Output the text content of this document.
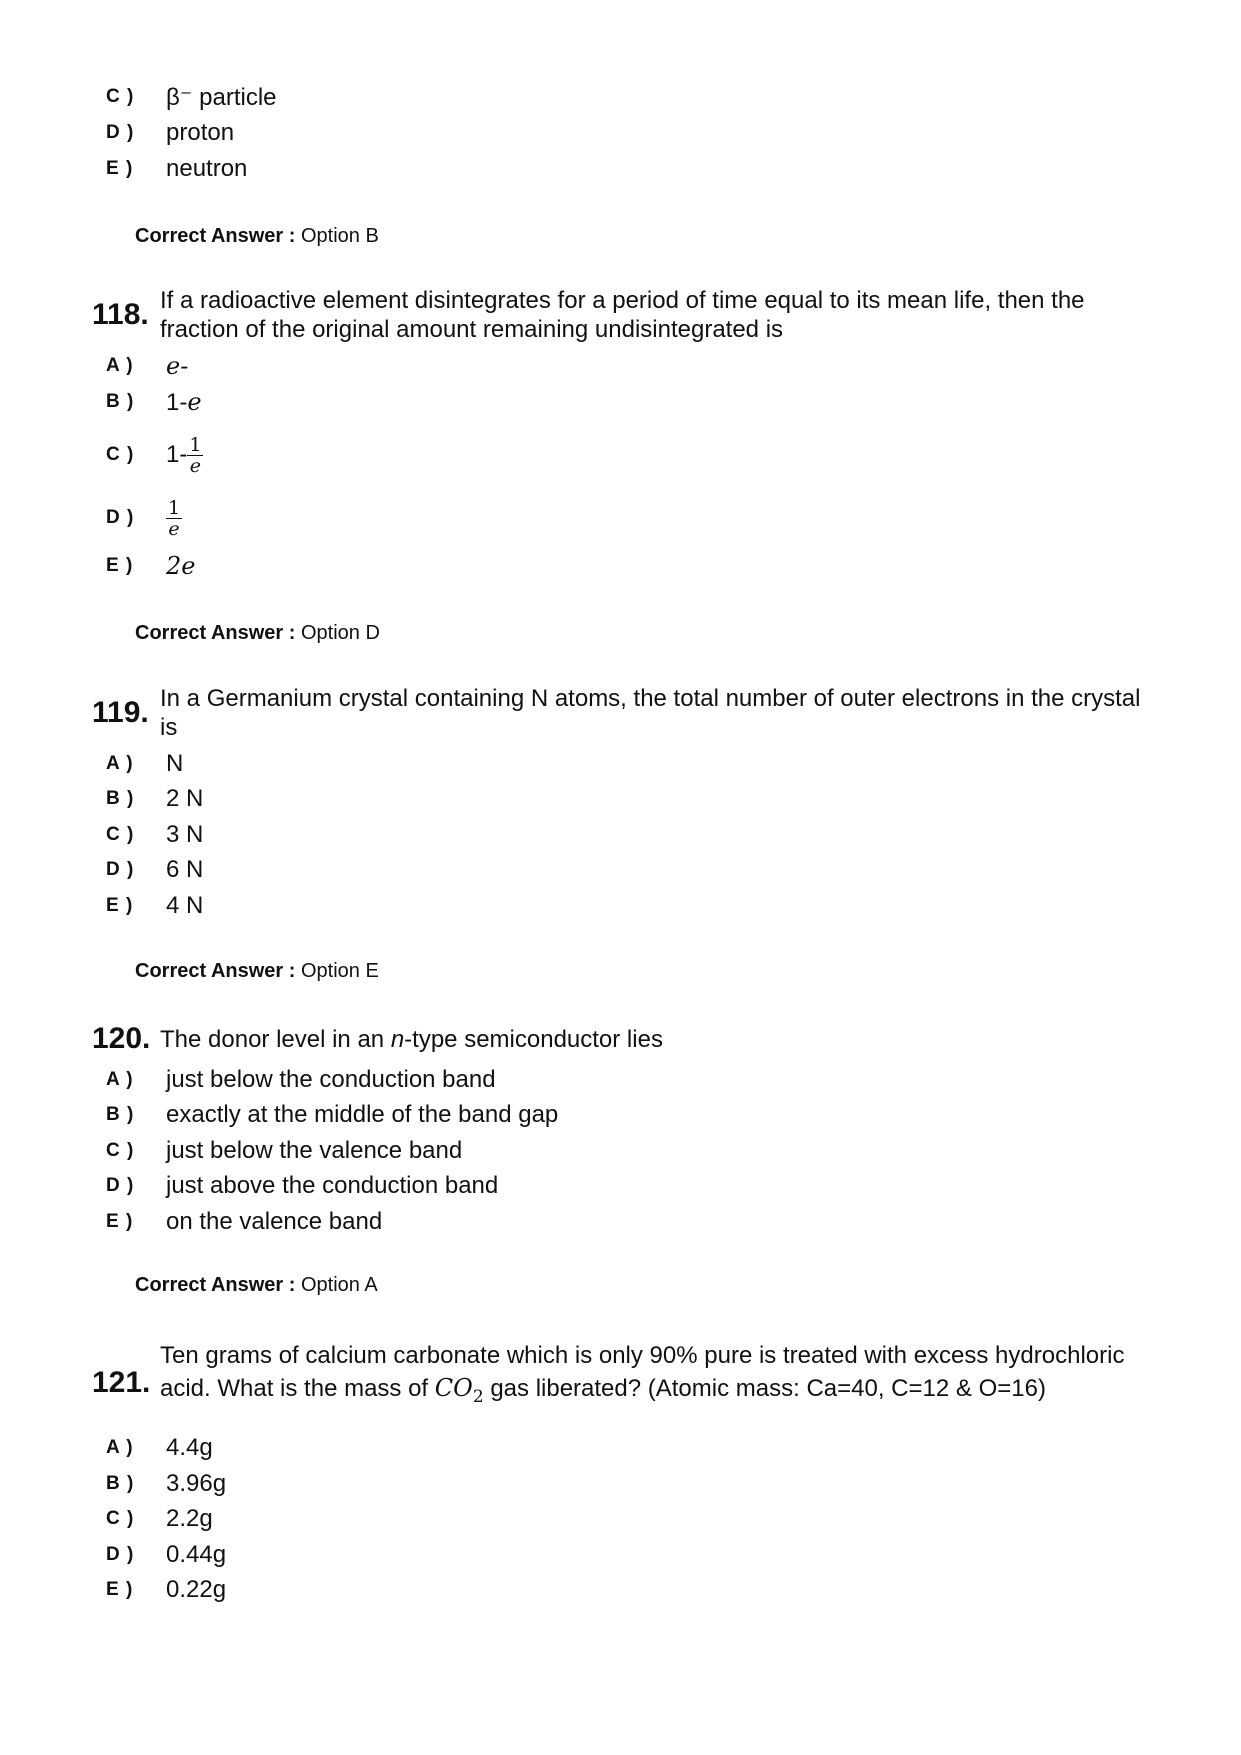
C )	β⁻ particle
D )	proton
E )	neutron
Correct Answer : Option B
118. If a radioactive element disintegrates for a period of time equal to its mean life, then the fraction of the original amount remaining undisintegrated is
A )	e-
B )	1-e
C )	$1- \frac{1}{e}$
D )	$\frac{1}{e}$
E )	2e
Correct Answer : Option D
119. In a Germanium crystal containing N atoms, the total number of outer electrons in the crystal is
A )	N
B )	2 N
C )	3 N
D )	6 N
E )	4 N
Correct Answer : Option E
120. The donor level in an n-type semiconductor lies
A )	just below the conduction band
B )	exactly at the middle of the band gap
C )	just below the valence band
D )	just above the conduction band
E )	on the valence band
Correct Answer : Option A
121.
Ten grams of calcium carbonate which is only 90% pure is treated with excess hydrochloric acid. What is the mass of $CO_2$ gas liberated? (Atomic mass: Ca=40, C=12 & O=16)
A )	4.4g
B )	3.96g
C )	2.2g
D )	0.44g
E )	0.22g
